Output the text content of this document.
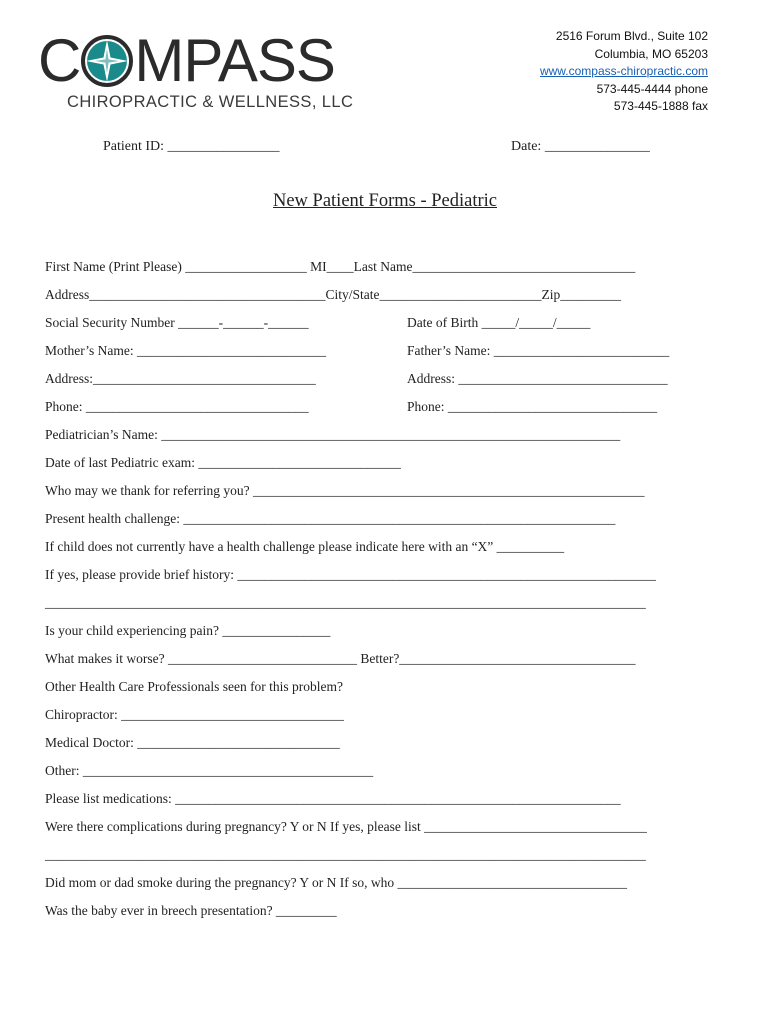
C MPASS
CHIROPRACTIC & WELLNESS, LLC
2516 Forum Blvd., Suite 102
Columbia, MO 65203
www.compass-chiropractic.com
573-445-4444 phone
573-445-1888 fax
Patient ID: ________________	Date: _______________
New Patient Forms - Pediatric
First Name (Print Please) __________________ MI____Last Name_________________________________
Address___________________________________City/State________________________Zip_________
Social Security Number ______-______-______	Date of Birth _____/_____/_____
Mother’s Name: ____________________________	Father’s Name: __________________________
Address:_________________________________	Address: _______________________________
Phone: _________________________________	Phone: _______________________________
Pediatrician’s Name: ____________________________________________________________________
Date of last Pediatric exam: ______________________________
Who may we thank for referring you? __________________________________________________________
Present health challenge: ________________________________________________________________
If child does not currently have a health challenge please indicate here with an “X” __________
If yes, please provide brief history: ______________________________________________________________
_________________________________________________________________________________________
Is your child experiencing pain? ________________
What makes it worse? ____________________________ Better?___________________________________
Other Health Care Professionals seen for this problem?
Chiropractor: _________________________________
Medical Doctor: ______________________________
Other: ___________________________________________
Please list medications: __________________________________________________________________
Were there complications during pregnancy? Y or N If yes, please list _________________________________
_________________________________________________________________________________________
Did mom or dad smoke during the pregnancy? Y or N If so, who __________________________________
Was the baby ever in breech presentation? _________
